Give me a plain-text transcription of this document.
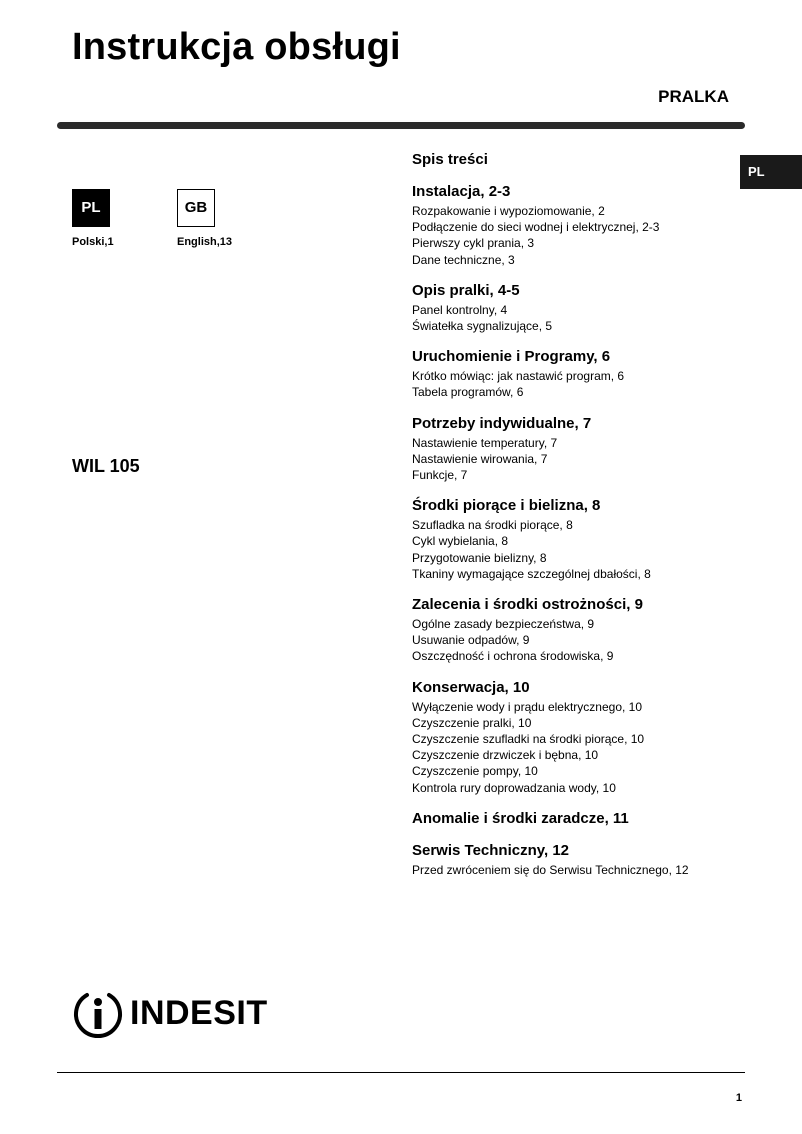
Instrukcja obsługi
PRALKA
PL
PL	GB
Polski,1	English,13
WIL 105
Spis treści
Instalacja, 2-3
Rozpakowanie i wypoziomowanie, 2
Podłączenie do sieci wodnej i elektrycznej, 2-3
Pierwszy cykl prania, 3
Dane techniczne, 3
Opis pralki, 4-5
Panel kontrolny, 4
Światełka sygnalizujące, 5
Uruchomienie i Programy, 6
Krótko mówiąc: jak nastawić program, 6
Tabela programów, 6
Potrzeby indywidualne, 7
Nastawienie temperatury, 7
Nastawienie wirowania, 7
Funkcje, 7
Środki piorące i bielizna, 8
Szufladka na środki piorące, 8
Cykl wybielania, 8
Przygotowanie bielizny, 8
Tkaniny wymagające szczególnej dbałości, 8
Zalecenia i środki ostrożności, 9
Ogólne zasady bezpieczeństwa, 9
Usuwanie odpadów, 9
Oszczędność i ochrona środowiska, 9
Konserwacja, 10
Wyłączenie wody i prądu elektrycznego, 10
Czyszczenie pralki, 10
Czyszczenie szufladki na środki piorące, 10
Czyszczenie drzwiczek i bębna, 10
Czyszczenie pompy, 10
Kontrola rury doprowadzania wody, 10
Anomalie i środki zaradcze, 11
Serwis Techniczny, 12
Przed zwróceniem się do Serwisu Technicznego, 12
INDESIT
1
